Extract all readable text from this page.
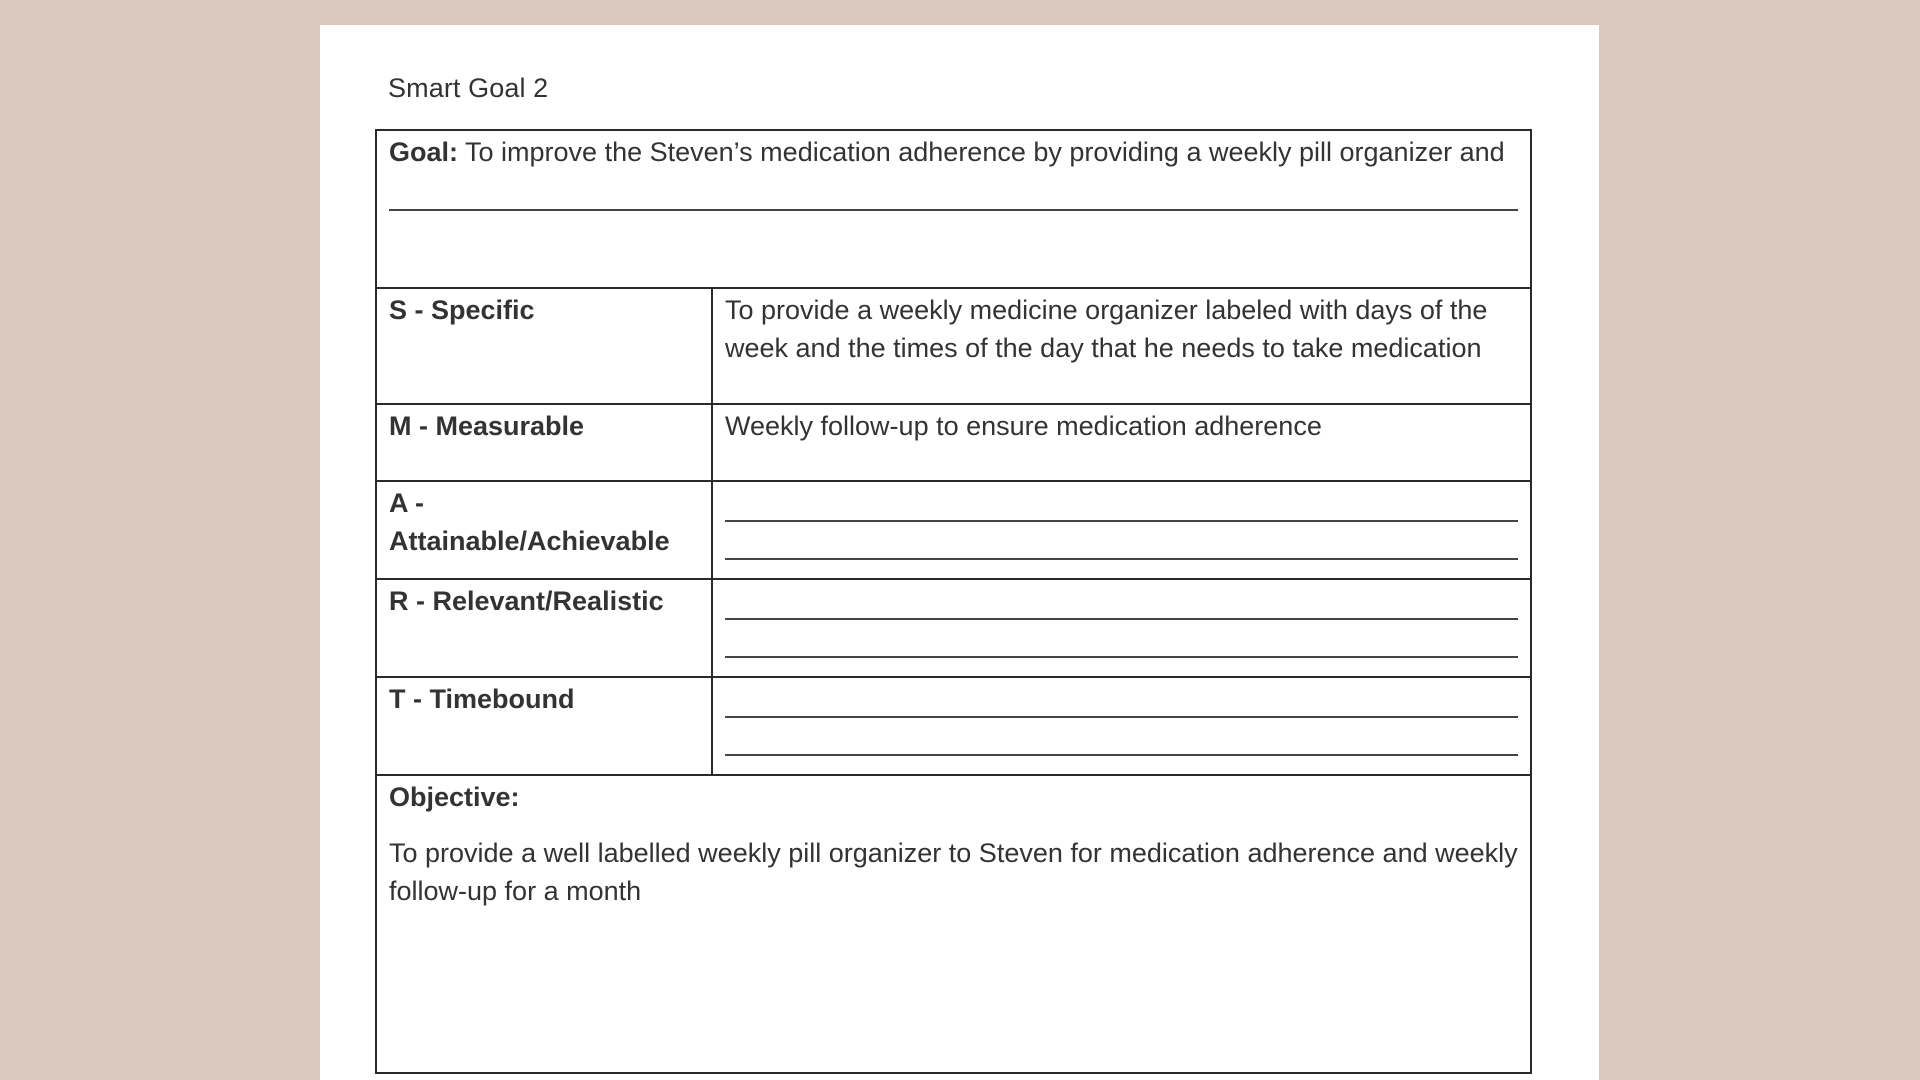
Smart Goal 2
Goal: To improve the Steven’s medication adherence by providing a weekly pill organizer and	

S - Specific	To provide a weekly medicine organizer labeled with days of the week and the times of the day that he needs to take medication
M - Measurable	Weekly follow-up to ensure medication adherence
A - Attainable/Achievable	

R - Relevant/Realistic	

T - Timebound	

Objective:
To provide a well labelled weekly pill organizer to Steven for medication adherence and weekly follow-up for a month	
